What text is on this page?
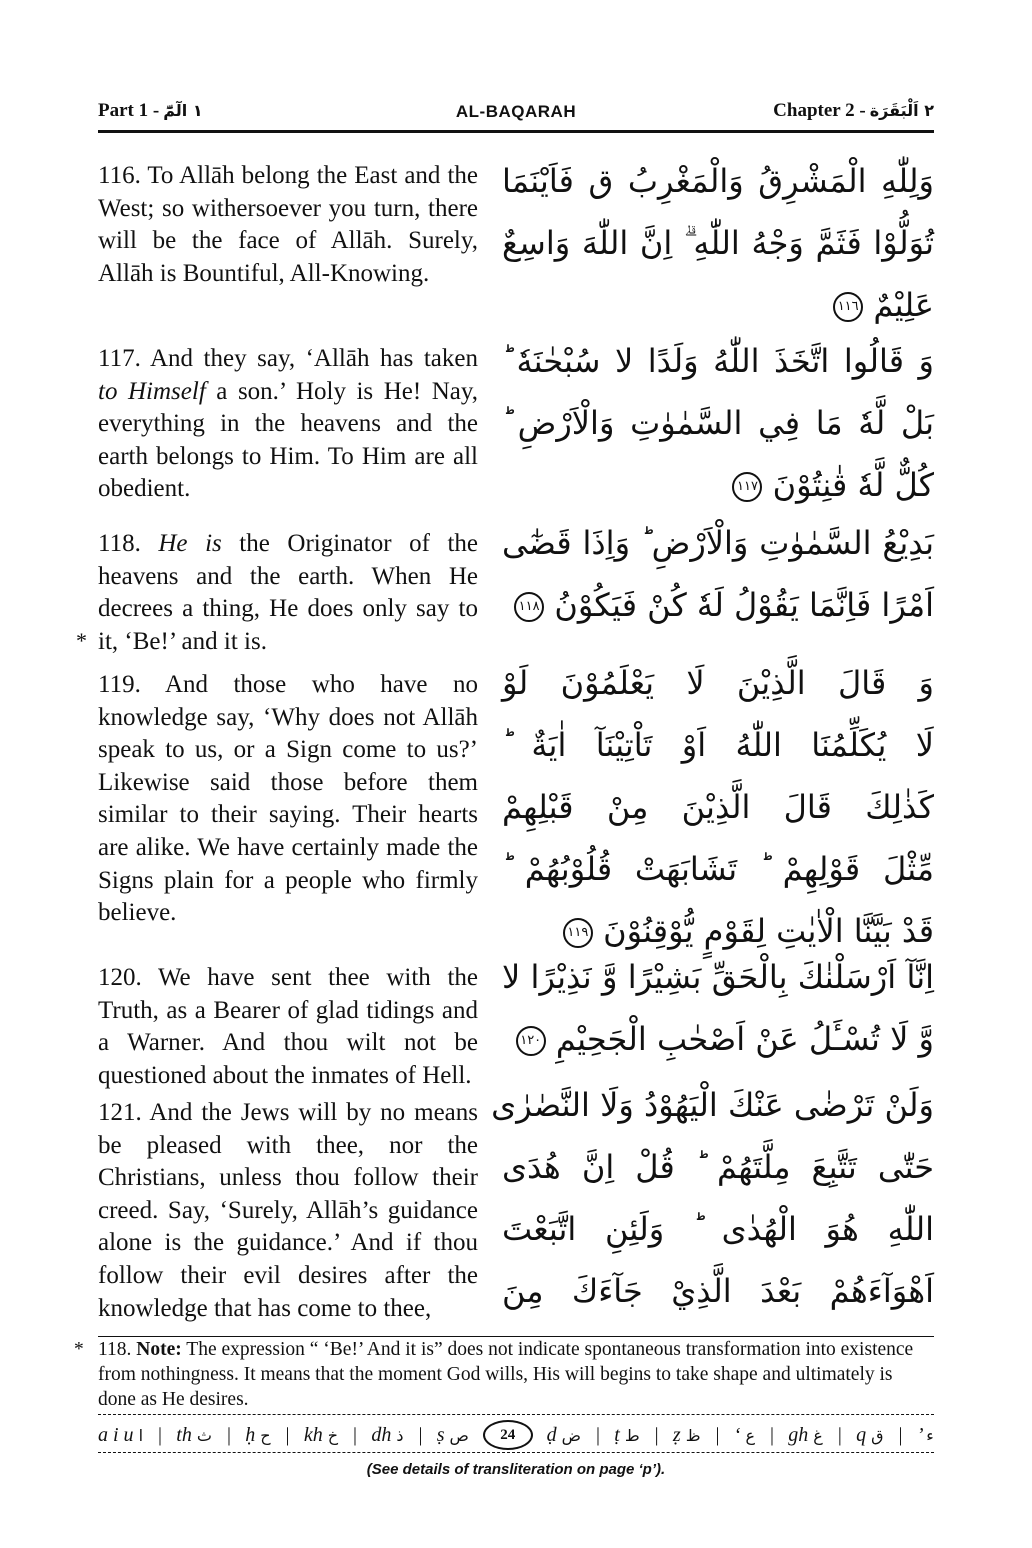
Part 1 - ١ الٓمّٓ	AL-BAQARAH	Chapter 2 - ٢ اَلْبَقَرَة

116. To Allāh belong the East and the West; so withersoever you turn, there will be the face of Allāh. Surely, Allāh is Bountiful, All-Knowing.

وَلِلّٰهِ الْمَشْرِقُ وَالْمَغْرِبُ ق فَاَيْنَمَا
تُوَلُّوْا فَثَمَّ وَجْهُ اللّٰهِ ۗ اِنَّ اللّٰهَ وَاسِعٌ
عَلِيْمٌ ١١٦

117. And they say, ‘Allāh has taken to Himself a son.’ Holy is He! Nay, everything in the heavens and the earth belongs to Him. To Him are all obedient.

وَ قَالُوا اتَّخَذَ اللّٰهُ وَلَدًا لا سُبْحٰنَهٗ ؕ
بَلْ لَّهٗ مَا فِي السَّمٰوٰتِ وَالْاَرْضِ ؕ
كُلٌّ لَّهٗ قٰنِتُوْنَ ١١٧

*
118. He is the Originator of the heavens and the earth. When He decrees a thing, He does only say to it, ‘Be!’ and it is.

بَدِيْعُ السَّمٰوٰتِ وَالْاَرْضِ ؕ وَاِذَا قَضٰٓى
اَمْرًا فَاِنَّمَا يَقُوْلُ لَهٗ كُنْ فَيَكُوْنُ ١١٨

119. And those who have no knowledge say, ‘Why does not Allāh speak to us, or a Sign come to us?’ Likewise said those before them similar to their saying. Their hearts are alike. We have certainly made the Signs plain for a people who firmly believe.

وَ قَالَ الَّذِيْنَ لَا يَعْلَمُوْنَ لَوْ
لَا يُكَلِّمُنَا اللّٰهُ اَوْ تَاْتِيْنَآ اٰيَةٌ ؕ
كَذٰلِكَ قَالَ الَّذِيْنَ مِنْ قَبْلِهِمْ
مِّثْلَ قَوْلِهِمْ ؕ تَشَابَهَتْ قُلُوْبُهُمْ ؕ
قَدْ بَيَّنَّا الْاٰيٰتِ لِقَوْمٍ يُّوْقِنُوْنَ ١١٩

120. We have sent thee with the Truth, as a Bearer of glad tidings and a Warner. And thou wilt not be questioned about the inmates of Hell.

اِنَّآ اَرْسَلْنٰكَ بِالْحَقِّ بَشِيْرًا وَّ نَذِيْرًا لا
وَّ لَا تُسْـَٔلُ عَنْ اَصْحٰبِ الْجَحِيْمِ ١٢٠

121. And the Jews will by no means be pleased with thee, nor the Christians, unless thou follow their creed. Say, ‘Surely, Allāh’s guidance alone is the guidance.’ And if thou follow their evil desires after the knowledge that has come to thee,

وَلَنْ تَرْضٰى عَنْكَ الْيَهُوْدُ وَلَا النَّصٰرٰى
حَتّٰى تَتَّبِعَ مِلَّتَهُمْ ؕ قُلْ اِنَّ هُدَى
اللّٰهِ هُوَ الْهُدٰى ؕ وَلَئِنِ اتَّبَعْتَ
اَهْوَآءَهُمْ بَعْدَ الَّذِيْ جَآءَكَ مِنَ

* 118. Note: The expression “ ‘Be!’ And it is” does not indicate spontaneous transformation into existence from nothingness. It means that the moment God wills, His will begins to take shape and ultimately is done as He desires.

a i u ا | th ث | ḥ ح | kh خ | dh ذ | ṣ ص	24	ḍ ض | ṭ ط | ẓ ظ | ‘ ع | gh غ | q ق | ’ ء
(See details of transliteration on page ‘p’).
